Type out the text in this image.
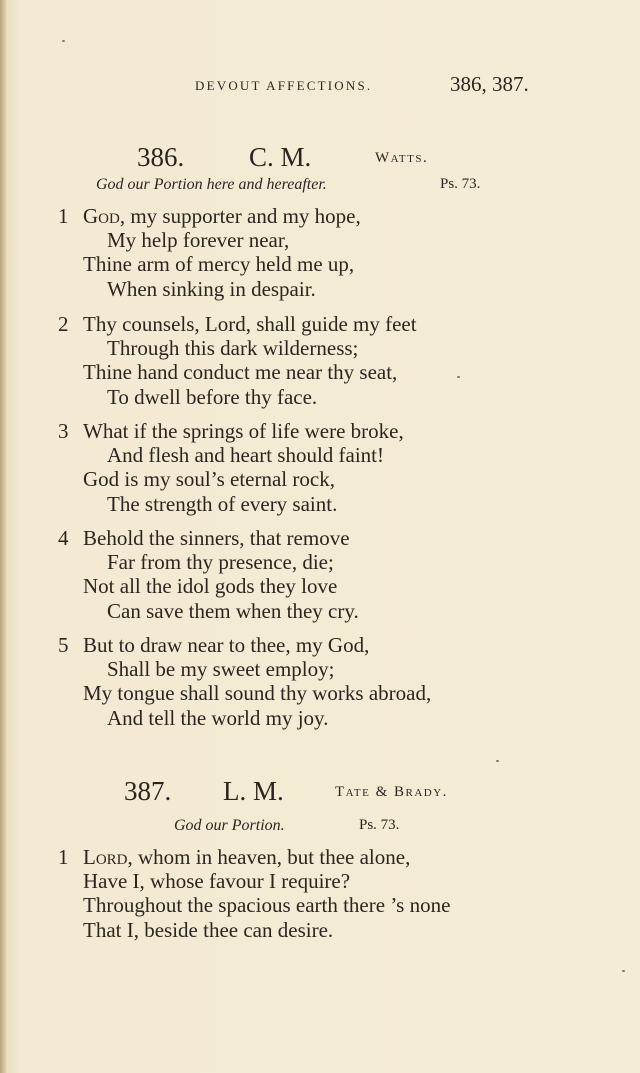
DEVOUT AFFECTIONS.	386, 387.
386. C. M.	Watts.
God our Portion here and hereafter.	Ps. 73.
1 God, my supporter and my hope,
My help forever near,
Thine arm of mercy held me up,
When sinking in despair.
2 Thy counsels, Lord, shall guide my feet
Through this dark wilderness;
Thine hand conduct me near thy seat,
To dwell before thy face.
3 What if the springs of life were broke,
And flesh and heart should faint!
God is my soul’s eternal rock,
The strength of every saint.
4 Behold the sinners, that remove
Far from thy presence, die;
Not all the idol gods they love
Can save them when they cry.
5 But to draw near to thee, my God,
Shall be my sweet employ;
My tongue shall sound thy works abroad,
And tell the world my joy.
387. L. M.	Tate & Brady.
God our Portion.	Ps. 73.
1 Lord, whom in heaven, but thee alone,
Have I, whose favour I require?
Throughout the spacious earth there ’s none
That I, beside thee can desire.
